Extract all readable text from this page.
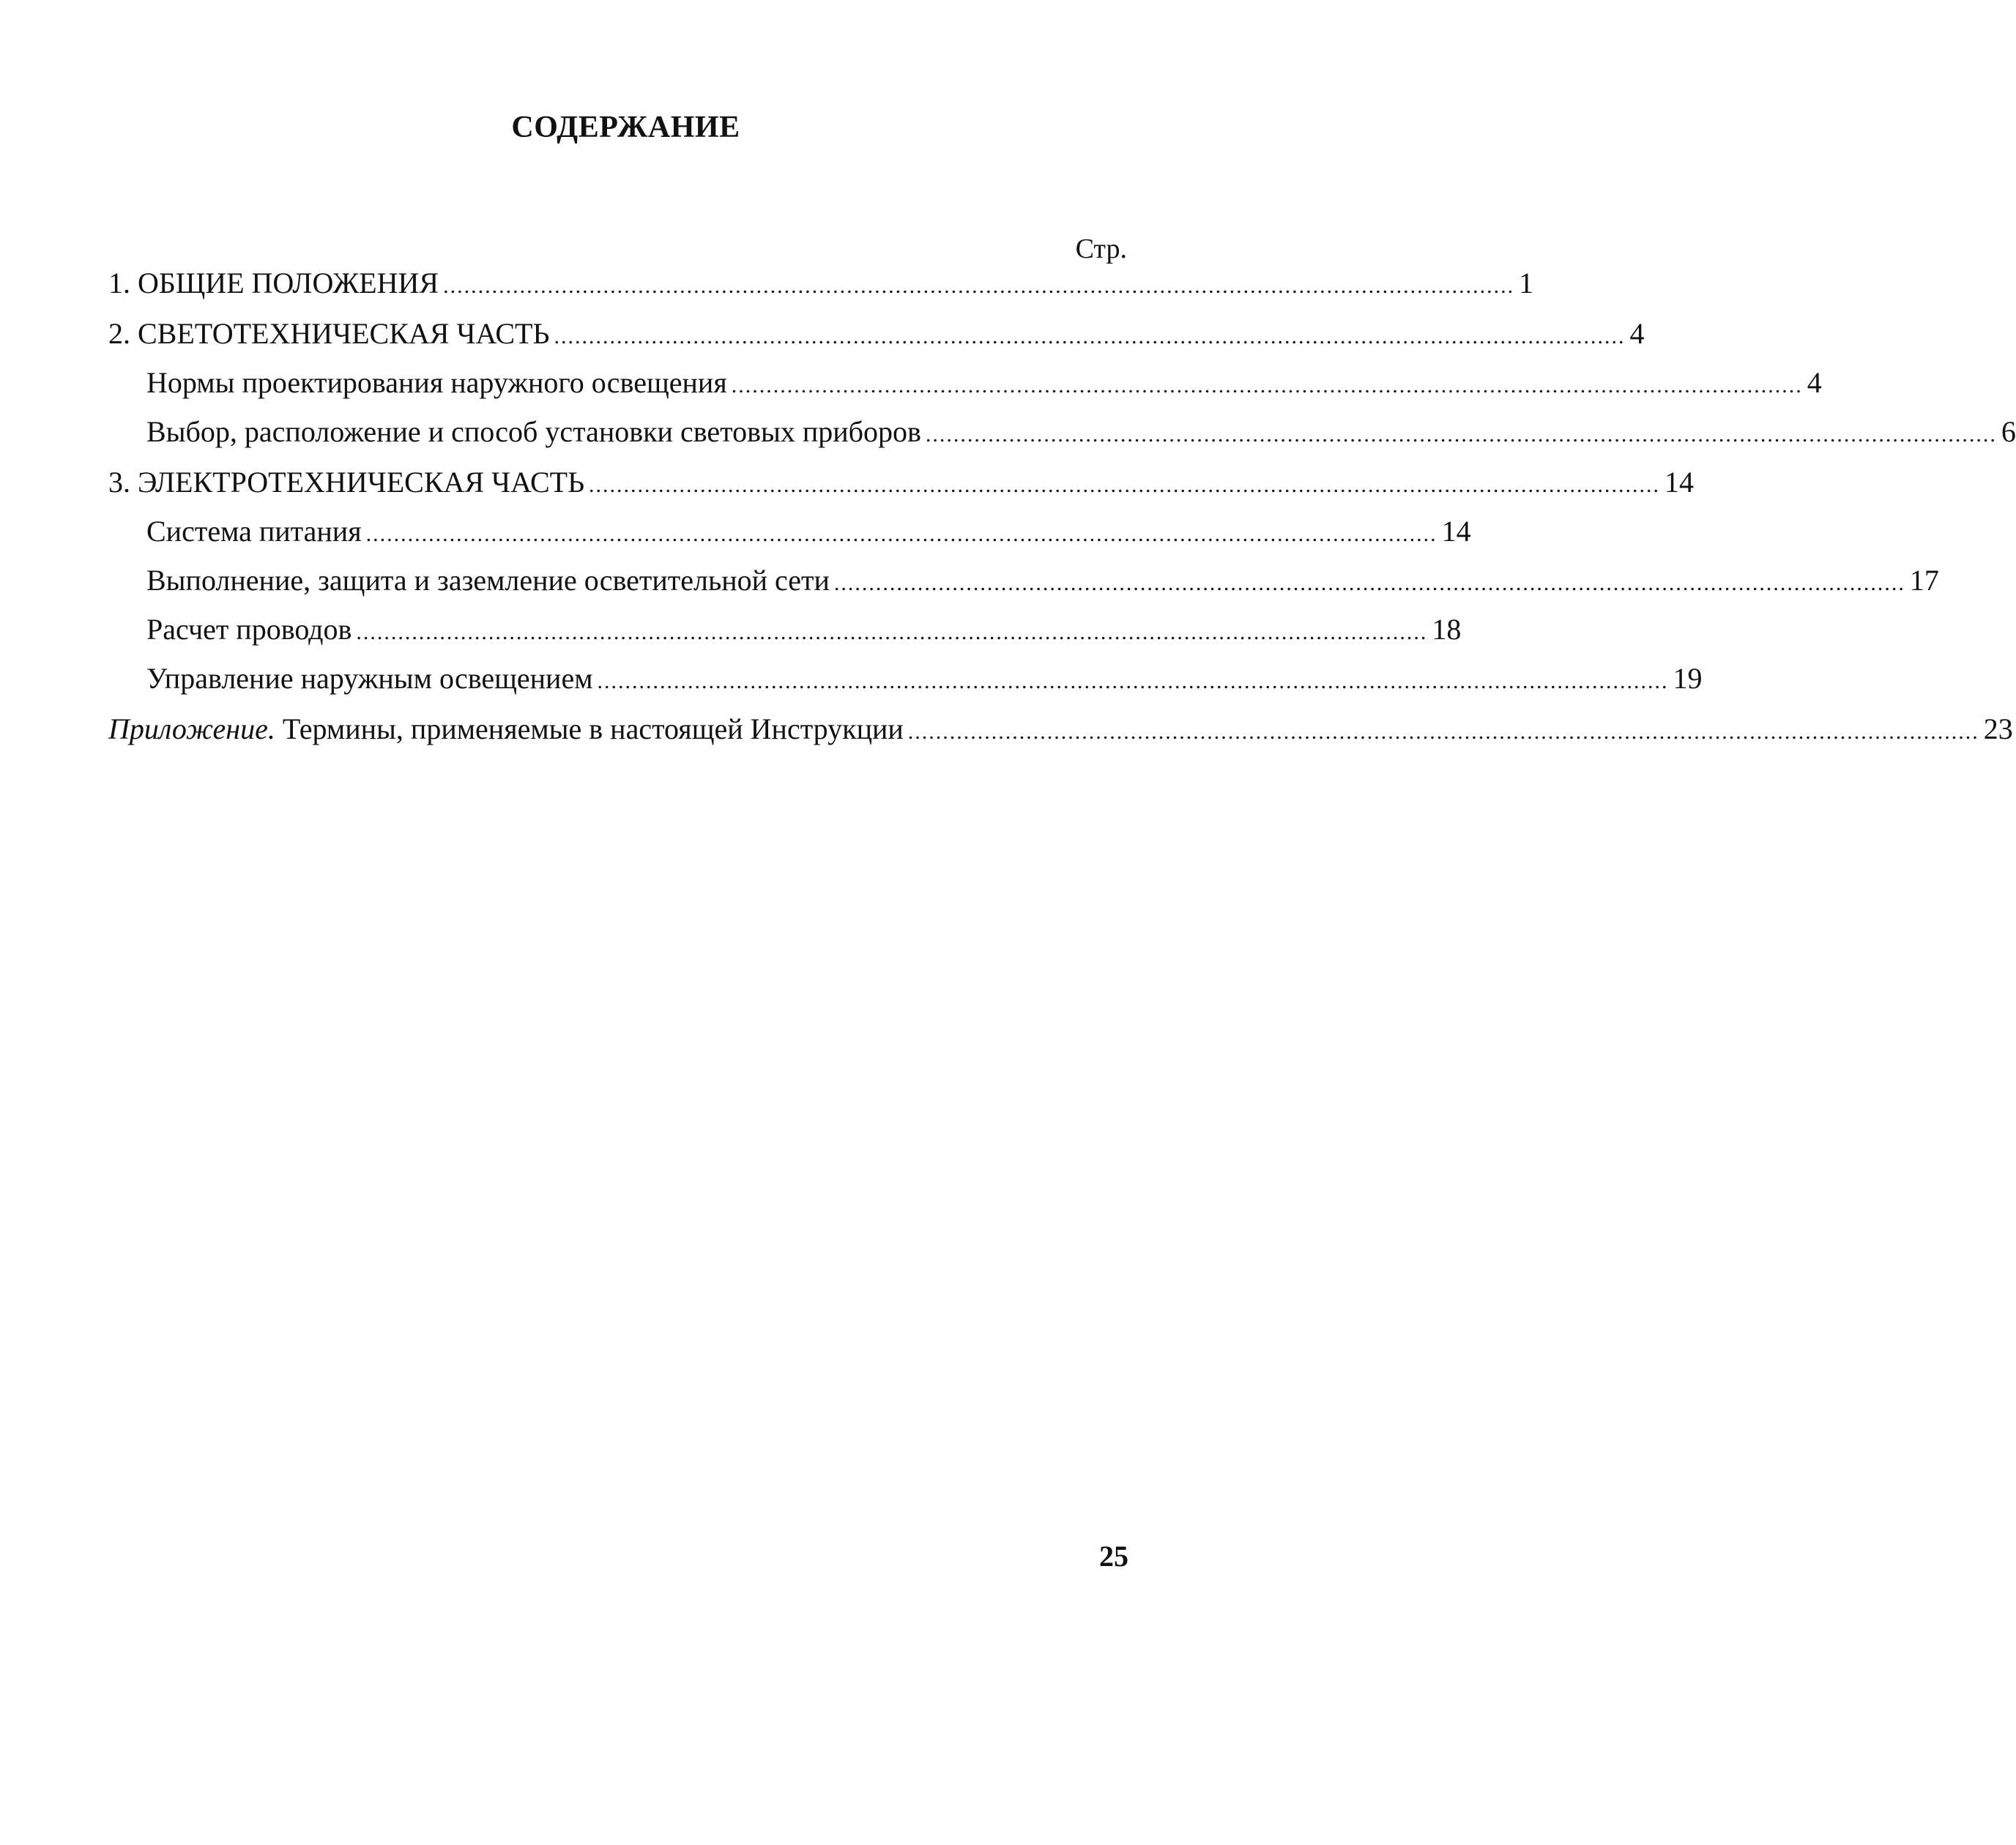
СОДЕРЖАНИЕ
Стр.
1. ОБЩИЕ ПОЛОЖЕНИЯ .......................................................................................................................................................... 1
2. СВЕТОТЕХНИЧЕСКАЯ ЧАСТЬ .......................................................................................................................................................... 4
Нормы проектирования наружного освещения .......................................................................................................................................................... 4
Выбор, расположение и способ установки световых приборов .......................................................................................................................................................... 6
3. ЭЛЕКТРОТЕХНИЧЕСКАЯ ЧАСТЬ .......................................................................................................................................................... 14
Система питания .......................................................................................................................................................... 14
Выполнение, защита и заземление осветительной сети .......................................................................................................................................................... 17
Расчет проводов .......................................................................................................................................................... 18
Управление наружным освещением .......................................................................................................................................................... 19
Приложение. Термины, применяемые в настоящей Инструкции .......................................................................................................................................................... 23
25
